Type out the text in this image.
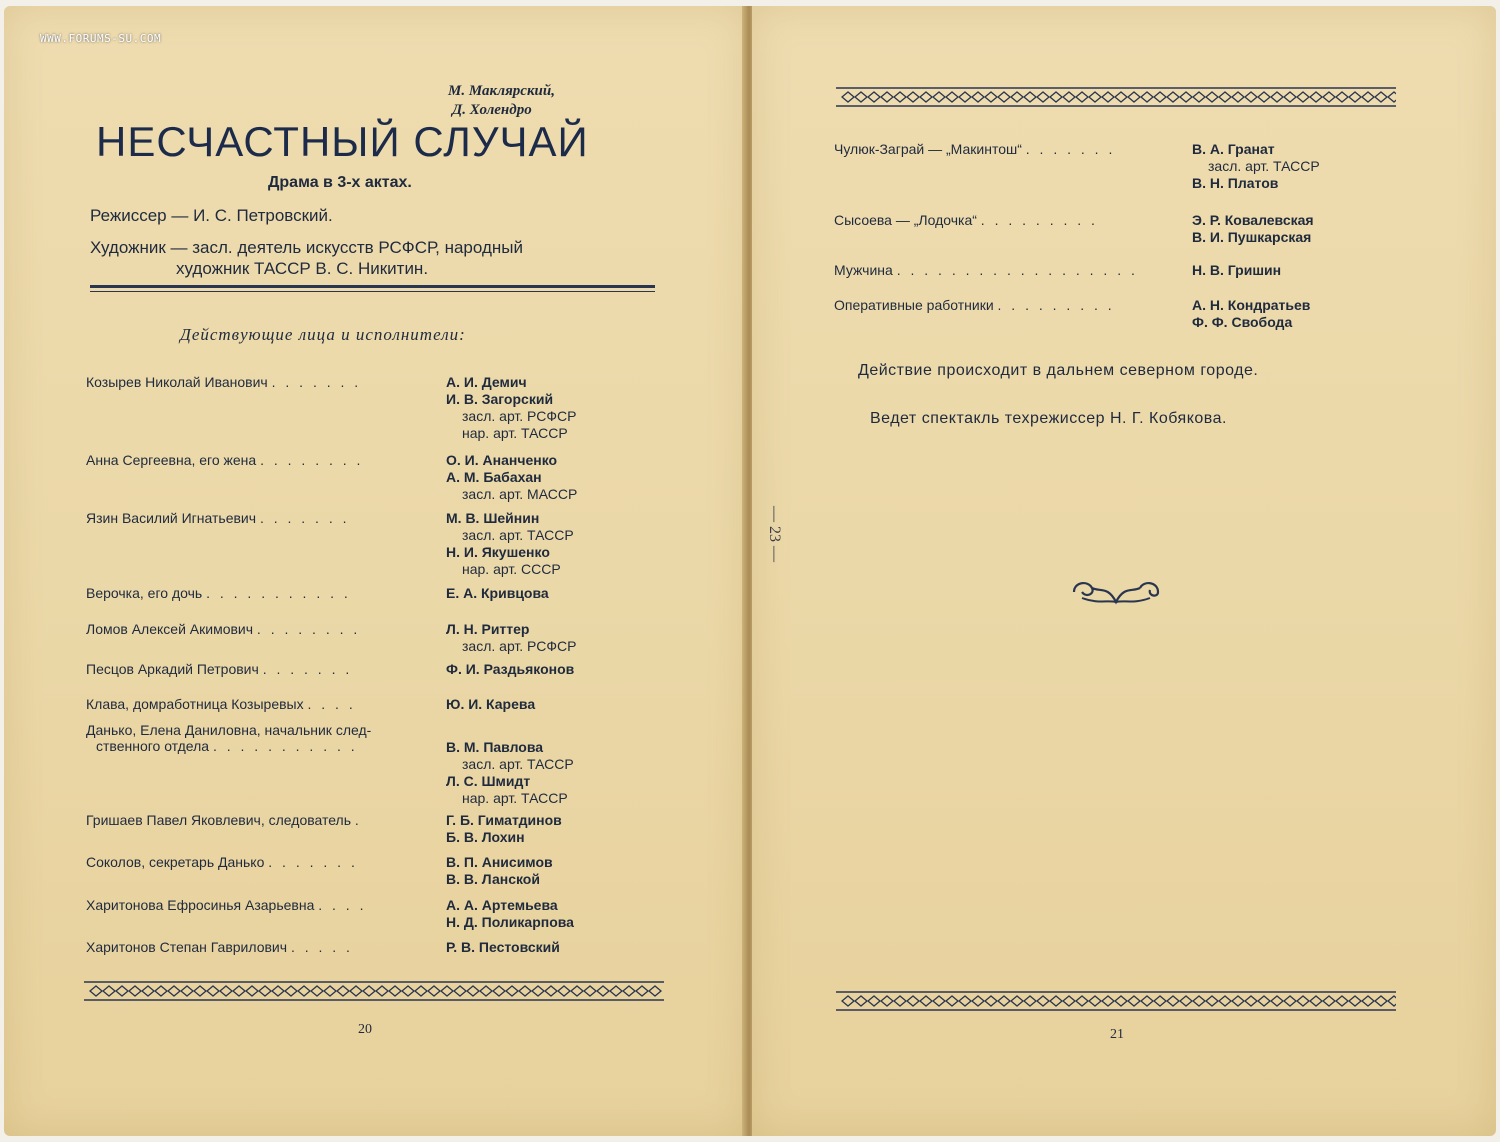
WWW.FORUMS-SU.COM
М. Маклярский,
Д. Холендро
НЕСЧАСТНЫЙ СЛУЧАЙ
Драма в 3-х актах.
Режиссер — И. С. Петровский.
Художник — засл. деятель искусств РСФСР, народный
художник ТАССР В. С. Никитин.
Действующие лица и исполнители:
Козырев Николай Иванович . . . . . . .	А. И. Демич
И. В. Загорский
засл. арт. РСФСР
нар. арт. ТАССР
Анна Сергеевна, его жена . . . . . . . .	О. И. Ананченко
А. М. Бабахан
засл. арт. МАССР
Язин Василий Игнатьевич . . . . . . .	М. В. Шейнин
засл. арт. ТАССР
Н. И. Якушенко
нар. арт. СССР
Верочка, его дочь . . . . . . . . . . .	Е. А. Кривцова
Ломов Алексей Акимович . . . . . . . .	Л. Н. Риттер
засл. арт. РСФСР
Песцов Аркадий Петрович . . . . . . .	Ф. И. Раздьяконов
Клава, домработница Козыревых . . . .	Ю. И. Карева
Данько, Елена Даниловна, начальник след-
ственного отдела . . . . . . . . . . .	В. М. Павлова
засл. арт. ТАССР
Л. С. Шмидт
нар. арт. ТАССР
Гришаев Павел Яковлевич, следователь .	Г. Б. Гиматдинов
Б. В. Лохин
Соколов, секретарь Данько . . . . . . .	В. П. Анисимов
В. В. Ланской
Харитонова Ефросинья Азарьевна . . . .	А. А. Артемьева
Н. Д. Поликарпова
Харитонов Степан Гаврилович . . . . .	Р. В. Пестовский
Чулюк-Заграй — „Макинтош“ . . . . . . .	В. А. Гранат
засл. арт. ТАССР
В. Н. Платов
Сысоева — „Лодочка“ . . . . . . . . .	Э. Р. Ковалевская
В. И. Пушкарская
Мужчина . . . . . . . . . . . . . . . . . .	Н. В. Гришин
Оперативные работники . . . . . . . . .	А. Н. Кондратьев
Ф. Ф. Свобода
20	21
Действие происходит в дальнем северном городе.
Ведет спектакль техрежиссер Н. Г. Кобякова.
— 23 —
